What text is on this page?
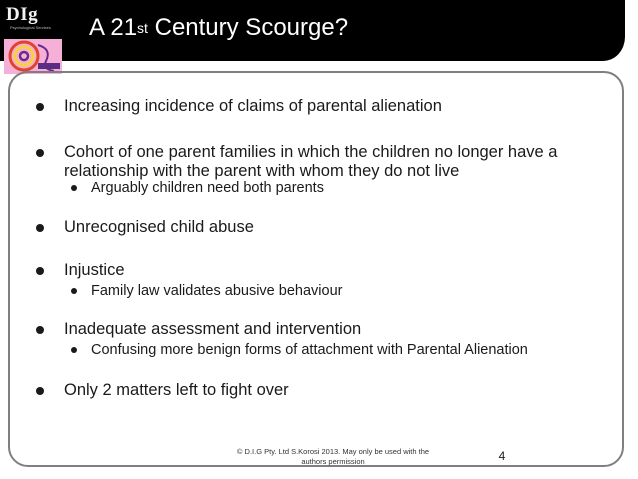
DIg
Psychological Services A 21st Century Scourge?
Increasing incidence of claims of parental alienation
Cohort of one parent families in which the children no longer have a relationship with the parent with whom they do not live
Arguably children need both parents
Unrecognised child abuse
Injustice
Family law validates abusive behaviour
Inadequate assessment and intervention
Confusing more benign forms of attachment with Parental Alienation
Only 2 matters left to fight over
© D.I.G Pty. Ltd S.Korosi 2013. May only be used with the
authors permission	4
